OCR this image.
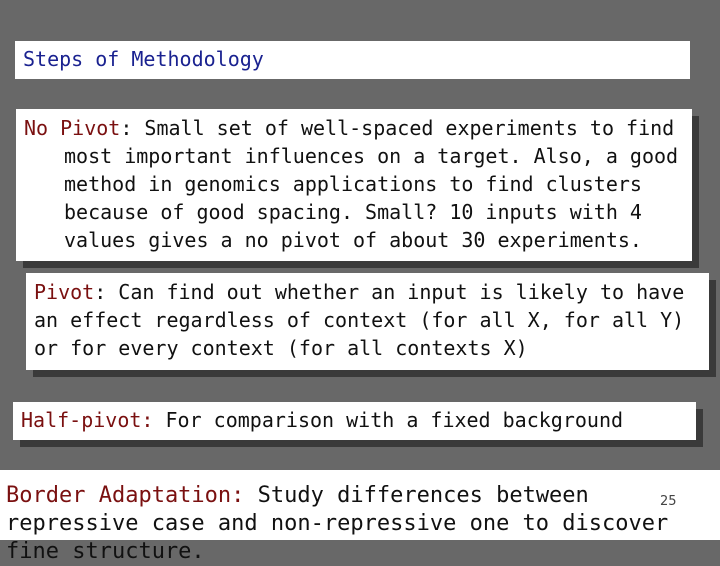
Steps of Methodology
No Pivot: Small set of well-spaced experiments to find most important influences on a target. Also, a good method in genomics applications to find clusters because of good spacing. Small? 10 inputs with 4 values gives a no pivot of about 30 experiments.
Pivot: Can find out whether an input is likely to have an effect regardless of context (for all X, for all Y) or for every context (for all contexts X)
Half-pivot: For comparison with a fixed background
Border Adaptation: Study differences between repressive case and non-repressive one to discover fine structure.
25
